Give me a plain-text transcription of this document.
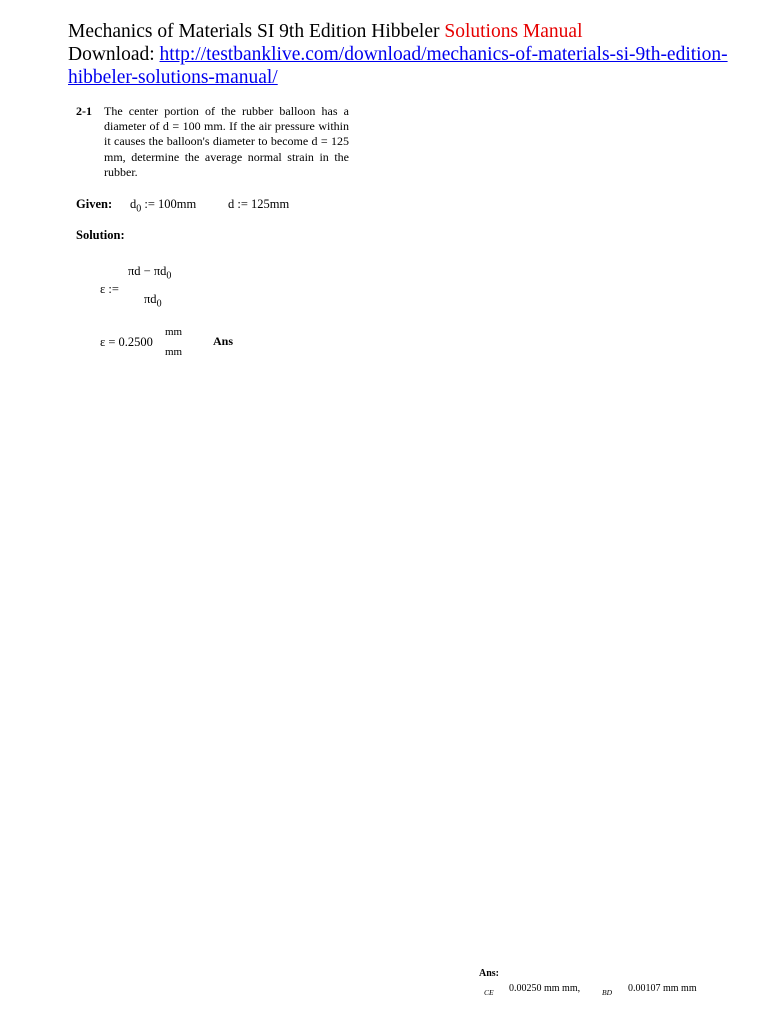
Mechanics of Materials SI 9th Edition Hibbeler Solutions Manual
Download: http://testbanklive.com/download/mechanics-of-materials-si-9th-edition-
hibbeler-solutions-manual/
2-1 The center portion of the rubber balloon has a diameter of d = 100 mm. If the air pressure within it causes the balloon's diameter to become d = 125 mm, determine the average normal strain in the rubber.
Given: $d_0$ := 100mm	d := 125mm
Solution:
$\pi d - \pi d_0$
ε :=
$\pi d_0$
ε = 0.2500
mm
mm
Ans
Ans:
CE 0.00250 mm mm,	BD 0.00107 mm mm
